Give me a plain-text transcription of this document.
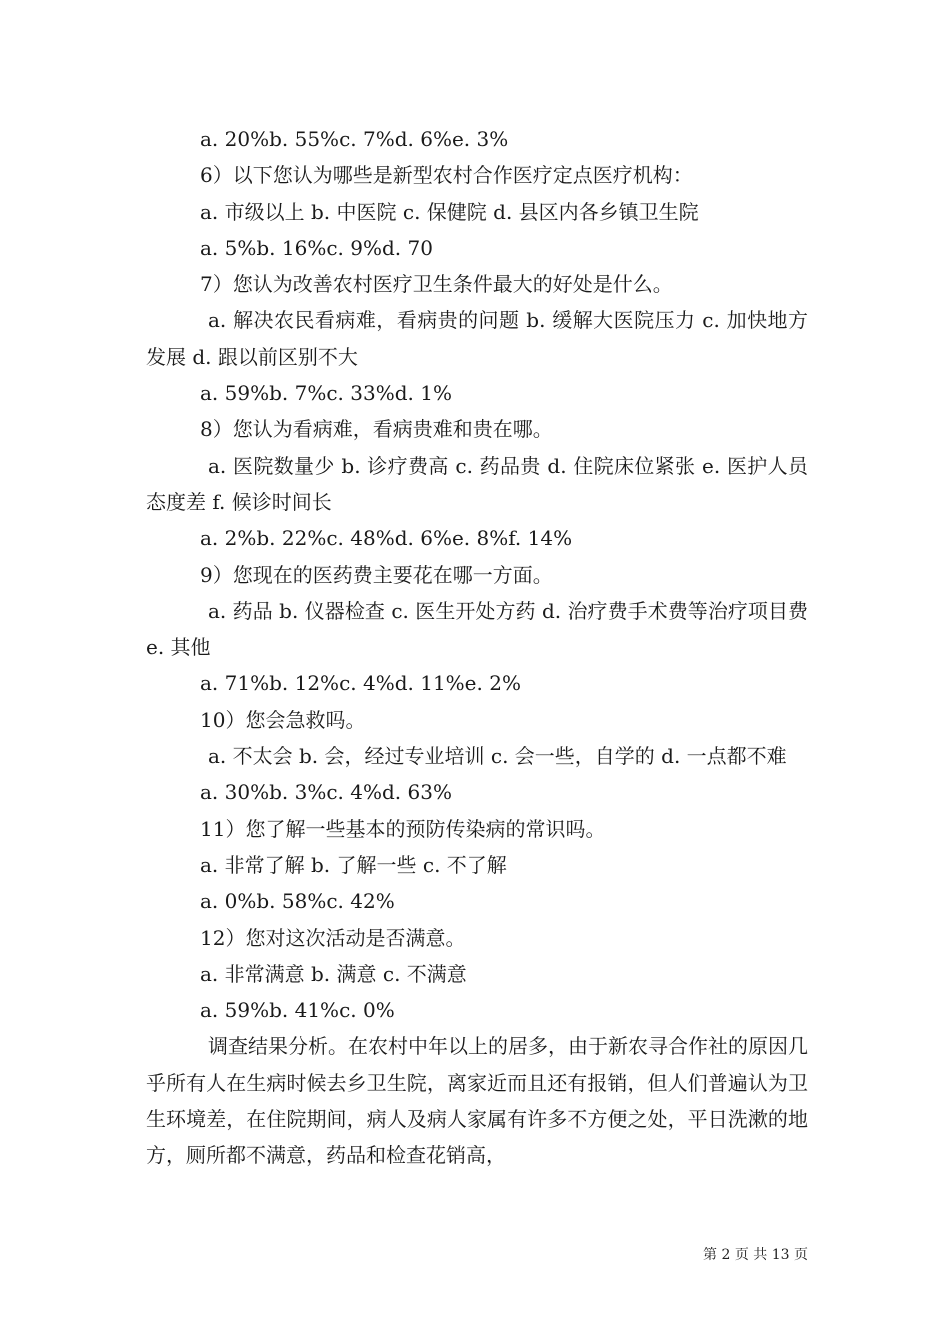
a. 20%b. 55%c. 7%d. 6%e. 3%
6）以下您认为哪些是新型农村合作医疗定点医疗机构：
a. 市级以上 b. 中医院 c. 保健院 d. 县区内各乡镇卫生院
a. 5%b. 16%c. 9%d. 70
7）您认为改善农村医疗卫生条件最大的好处是什么。
a. 解决农民看病难，看病贵的问题 b. 缓解大医院压力 c. 加快地方发展 d. 跟以前区别不大
a. 59%b. 7%c. 33%d. 1%
8）您认为看病难，看病贵难和贵在哪。
a. 医院数量少 b. 诊疗费高 c. 药品贵 d. 住院床位紧张 e. 医护人员态度差 f. 候诊时间长
a. 2%b. 22%c. 48%d. 6%e. 8%f. 14%
9）您现在的医药费主要花在哪一方面。
a. 药品 b. 仪器检查 c. 医生开处方药 d. 治疗费手术费等治疗项目费 e. 其他
a. 71%b. 12%c. 4%d. 11%e. 2%
10）您会急救吗。
a. 不太会 b. 会，经过专业培训 c. 会一些，自学的 d. 一点都不难
a. 30%b. 3%c. 4%d. 63%
11）您了解一些基本的预防传染病的常识吗。
a. 非常了解 b. 了解一些 c. 不了解
a. 0%b. 58%c. 42%
12）您对这次活动是否满意。
a. 非常满意 b. 满意 c. 不满意
a. 59%b. 41%c. 0%
调查结果分析。在农村中年以上的居多，由于新农寻合作社的原因几乎所有人在生病时候去乡卫生院，离家近而且还有报销，但人们普遍认为卫生环境差，在住院期间，病人及病人家属有许多不方便之处，平日洗漱的地方，厕所都不满意，药品和检查花销高，
第 2 页 共 13 页
